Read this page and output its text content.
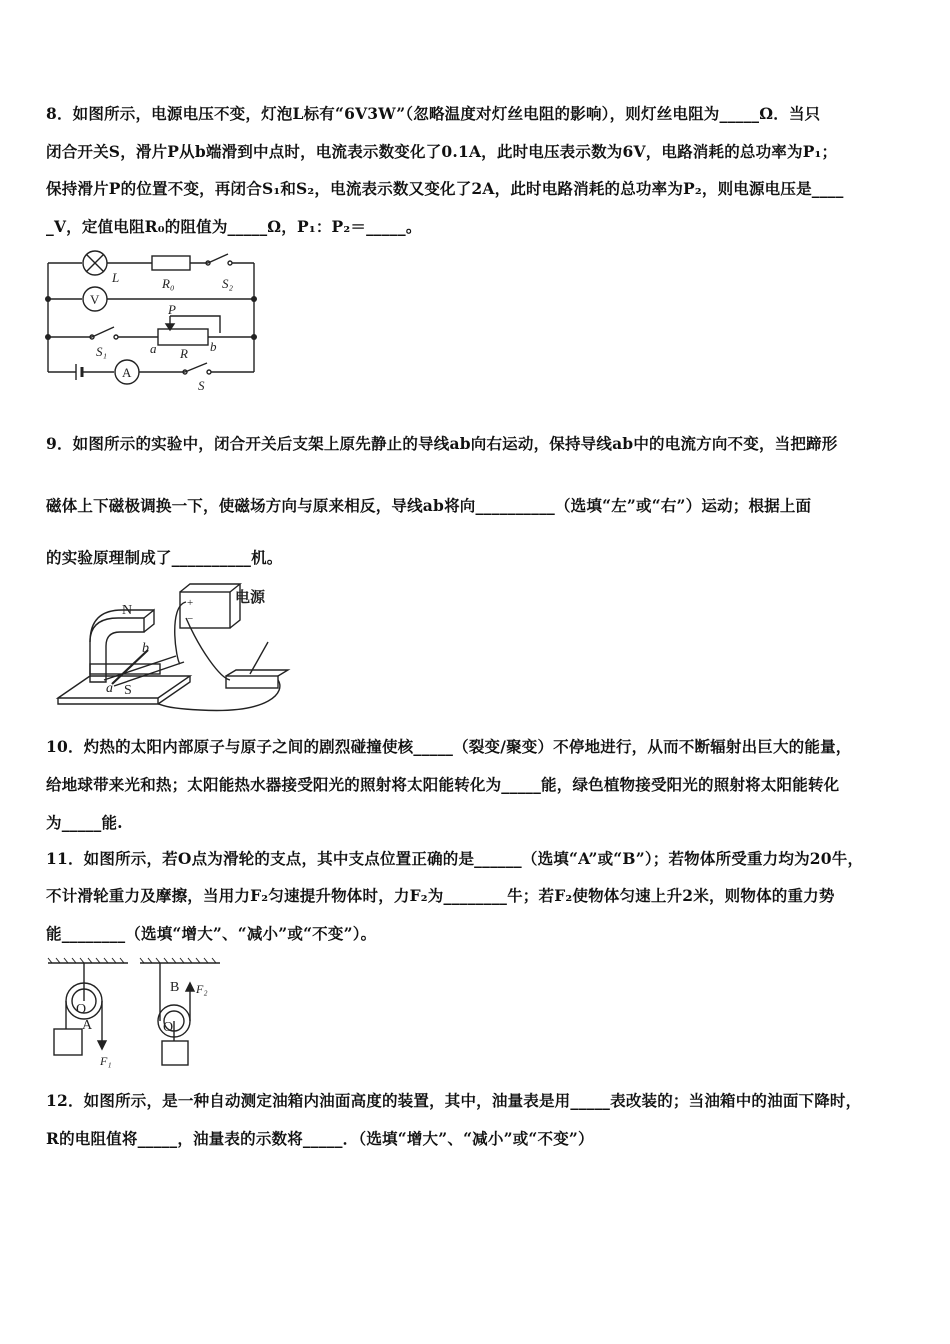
8．如图所示，电源电压不变，灯泡L标有“6V3W”（忽略温度对灯丝电阻的影响），则灯丝电阻为_____Ω．当只
闭合开关S，滑片P从b端滑到中点时，电流表示数变化了0.1A，此时电压表示数为6V，电路消耗的总功率为P₁；
保持滑片P的位置不变，再闭合S₁和S₂，电流表示数又变化了2A，此时电路消耗的总功率为P₂，则电源电压是____
_V，定值电阻R₀的阻值为_____Ω，P₁：P₂＝_____。
L	R₀	S₂
V
P
a R b
S₁
A
S
9．如图所示的实验中，闭合开关后支架上原先静止的导线ab向右运动，保持导线ab中的电流方向不变，当把蹄形
磁体上下磁极调换一下，使磁场方向与原来相反，导线ab将向__________（选填“左”或“右”）运动；根据上面
的实验原理制成了__________机。
电源
N
b
a S
+
−
10．灼热的太阳内部原子与原子之间的剧烈碰撞使核_____（裂变/聚变）不停地进行，从而不断辐射出巨大的能量，
给地球带来光和热；太阳能热水器接受阳光的照射将太阳能转化为_____能，绿色植物接受阳光的照射将太阳能转化
为_____能.
11．如图所示，若O点为滑轮的支点，其中支点位置正确的是______（选填“A”或“B”）；若物体所受重力均为20牛，
不计滑轮重力及摩擦，当用力F₂匀速提升物体时，力F₂为________牛；若F₂使物体匀速上升2米，则物体的重力势
能________（选填“增大”、“减小”或“不变”）。
O
A
F₁
B F₂
O
12．如图所示，是一种自动测定油箱内油面高度的装置，其中，油量表是用_____表改装的；当油箱中的油面下降时，
R的电阻值将_____，油量表的示数将_____．（选填“增大”、“减小”或“不变”）
